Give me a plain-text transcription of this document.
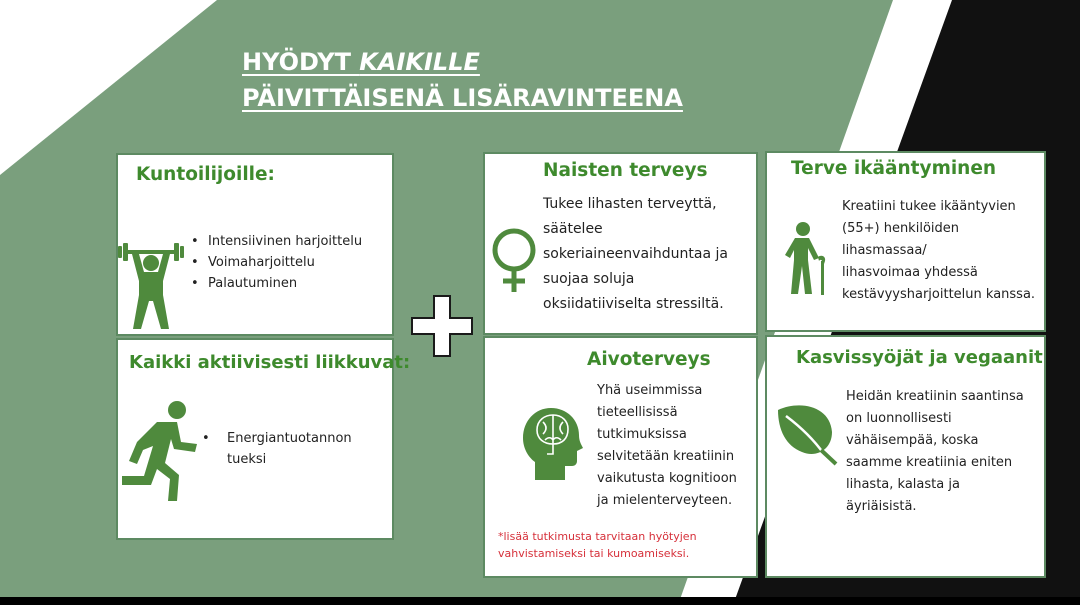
HYÖDYT KAIKILLE
PÄIVITTÄISENÄ LISÄRAVINTEENA
Kuntoilijoille:
• Intensiivinen harjoittelu
• Voimaharjoittelu
• Palautuminen
Kaikki aktiivisesti liikkuvat:
•	Energiantuotannon
tueksi
Naisten terveys
Tukee lihasten terveyttä,
säätelee
sokeriaineenvaihduntaa ja
suojaa soluja
oksiidatiiviselta stressiltä.
Terve ikääntyminen
Kreatiini tukee ikääntyvien
(55+) henkilöiden
lihasmassaa/
lihasvoimaa yhdessä
kestävyysharjoittelun kanssa.
Aivoterveys
Yhä useimmissa
tieteellisissä
tutkimuksissa
selvitetään kreatiinin
vaikutusta kognitioon
ja mielenterveyteen.
*lisää tutkimusta tarvitaan hyötyjen
vahvistamiseksi tai kumoamiseksi.
Kasvissyöjät ja vegaanit
Heidän kreatiinin saantinsa
on luonnollisesti
vähäisempää, koska
saamme kreatiinia eniten
lihasta, kalasta ja
äyriäisistä.
